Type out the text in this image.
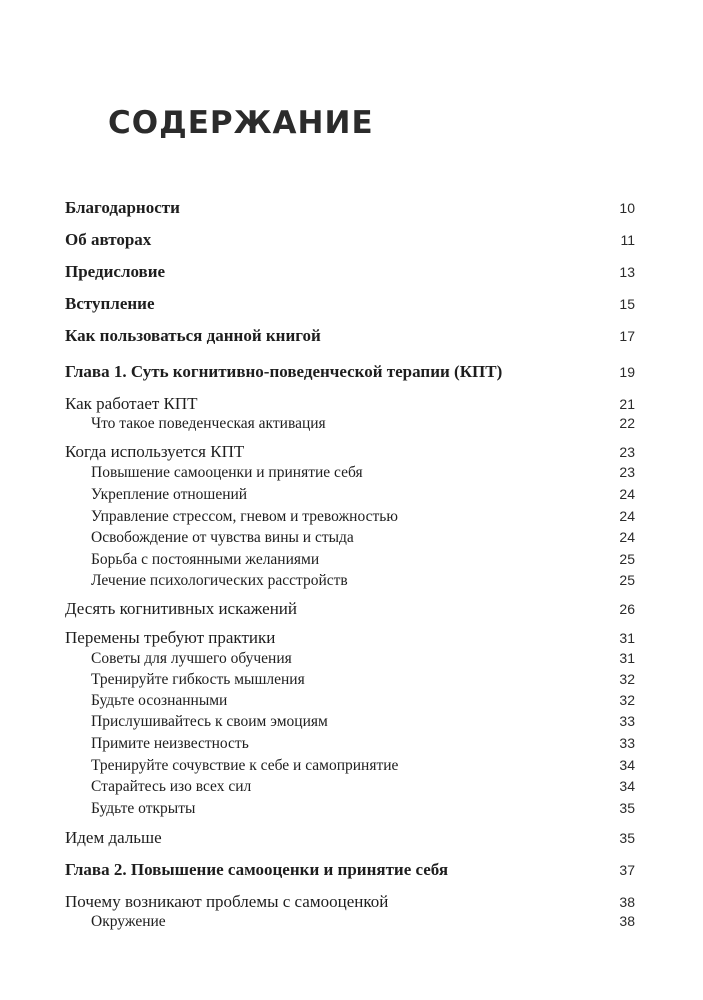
СОДЕРЖАНИЕ
Благодарности	10
Об авторах	11
Предисловие	13
Вступление	15
Как пользоваться данной книгой	17
Глава 1. Суть когнитивно-поведенческой терапии (КПТ)	19
Как работает КПТ	21
Что такое поведенческая активация	22
Когда используется КПТ	23
Повышение самооценки и принятие себя	23
Укрепление отношений	24
Управление стрессом, гневом и тревожностью	24
Освобождение от чувства вины и стыда	24
Борьба с постоянными желаниями	25
Лечение психологических расстройств	25
Десять когнитивных искажений	26
Перемены требуют практики	31
Советы для лучшего обучения	31
Тренируйте гибкость мышления	32
Будьте осознанными	32
Прислушивайтесь к своим эмоциям	33
Примите неизвестность	33
Тренируйте сочувствие к себе и самопринятие	34
Старайтесь изо всех сил	34
Будьте открыты	35
Идем дальше	35
Глава 2. Повышение самооценки и принятие себя	37
Почему возникают проблемы с самооценкой	38
Окружение	38
